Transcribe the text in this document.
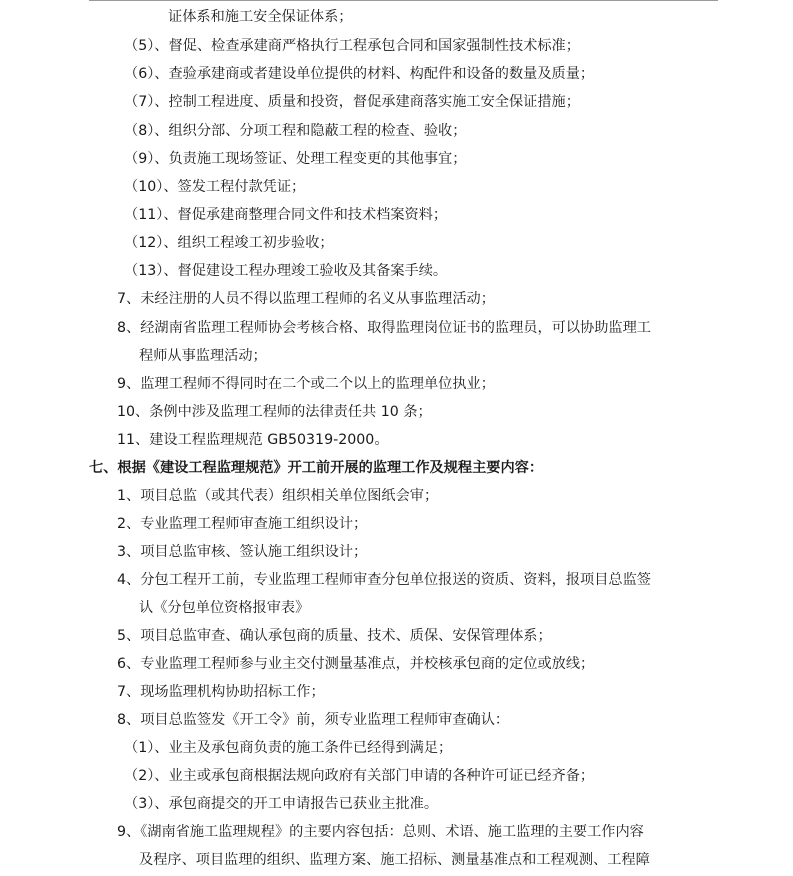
证体系和施工安全保证体系；
（5）、督促、检查承建商严格执行工程承包合同和国家强制性技术标准；
（6）、查验承建商或者建设单位提供的材料、构配件和设备的数量及质量；
（7）、控制工程进度、质量和投资，督促承建商落实施工安全保证措施；
（8）、组织分部、分项工程和隐蔽工程的检查、验收；
（9）、负责施工现场签证、处理工程变更的其他事宜；
（10）、签发工程付款凭证；
（11）、督促承建商整理合同文件和技术档案资料；
（12）、组织工程竣工初步验收；
（13）、督促建设工程办理竣工验收及其备案手续。
7、未经注册的人员不得以监理工程师的名义从事监理活动；
8、经湖南省监理工程师协会考核合格、取得监理岗位证书的监理员，可以协助监理工
程师从事监理活动；
9、监理工程师不得同时在二个或二个以上的监理单位执业；
10、条例中涉及监理工程师的法律责任共 10 条；
11、建设工程监理规范 GB50319-2000。
七、根据《建设工程监理规范》开工前开展的监理工作及规程主要内容：
1、项目总监（或其代表）组织相关单位图纸会审；
2、专业监理工程师审查施工组织设计；
3、项目总监审核、签认施工组织设计；
4、分包工程开工前，专业监理工程师审查分包单位报送的资质、资料，报项目总监签
认《分包单位资格报审表》
5、项目总监审查、确认承包商的质量、技术、质保、安保管理体系；
6、专业监理工程师参与业主交付测量基准点，并校核承包商的定位或放线；
7、现场监理机构协助招标工作；
8、项目总监签发《开工令》前，须专业监理工程师审查确认：
（1）、业主及承包商负责的施工条件已经得到满足；
（2）、业主或承包商根据法规向政府有关部门申请的各种许可证已经齐备；
（3）、承包商提交的开工申请报告已获业主批准。
9、《湖南省施工监理规程》的主要内容包括：总则、术语、施工监理的主要工作内容
及程序、项目监理的组织、监理方案、施工招标、测量基准点和工程观测、工程障
